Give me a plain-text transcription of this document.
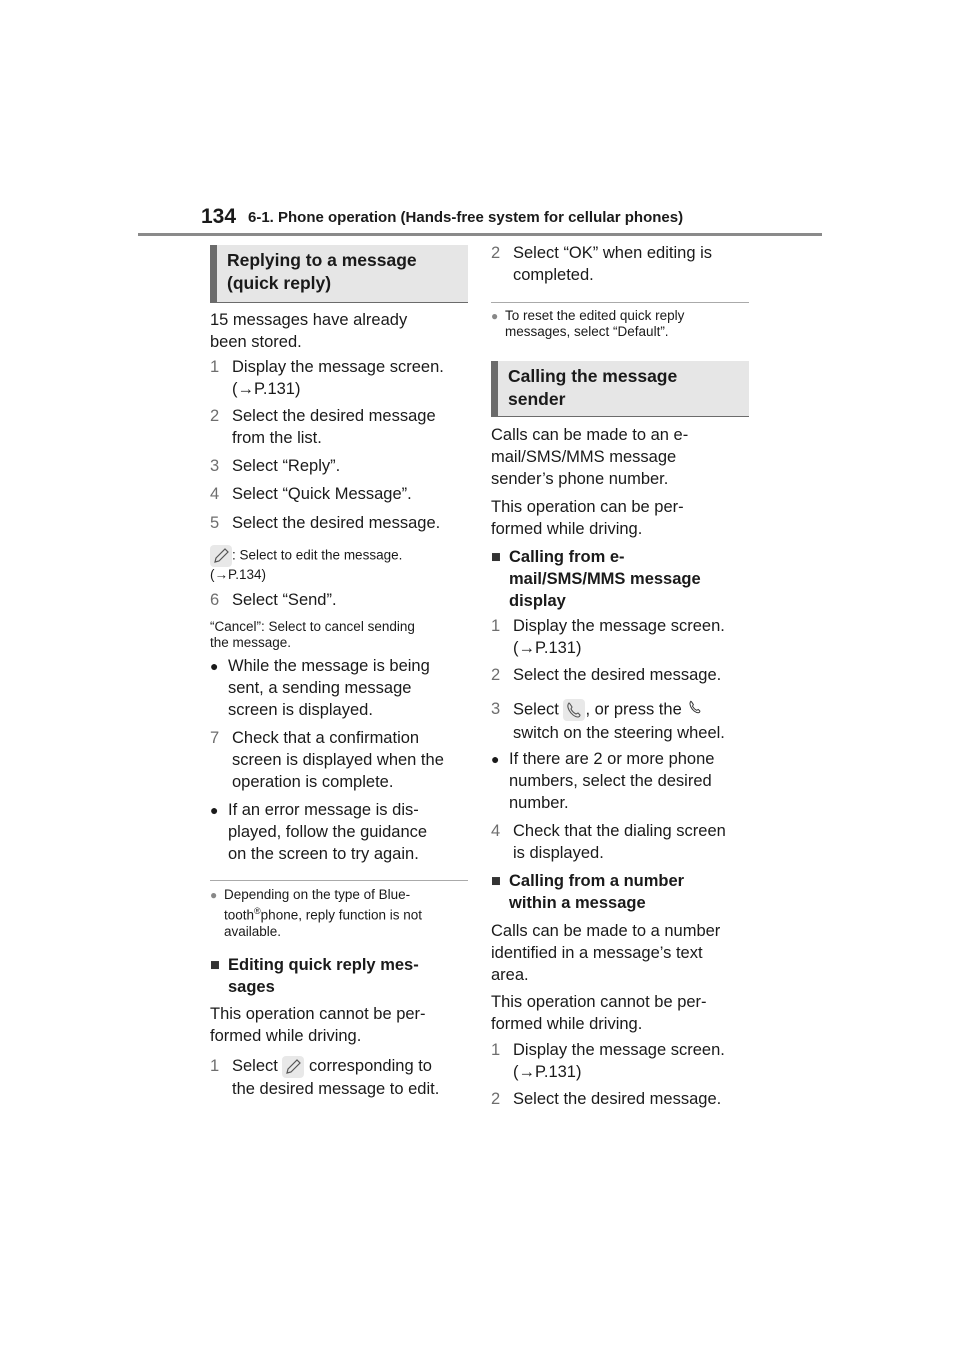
134 6-1. Phone operation (Hands-free system for cellular phones)
Replying to a message
(quick reply)
15 messages have already
been stored.
1 Display the message screen.
(→P.131)
2 Select the desired message
from the list.
3 Select “Reply”.
4 Select “Quick Message”.
5 Select the desired message.
: Select to edit the message.
(→P.134)
6 Select “Send”.
“Cancel”: Select to cancel sending
the message.
● While the message is being
sent, a sending message
screen is displayed.
7 Check that a confirmation
screen is displayed when the
operation is complete.
● If an error message is dis-
played, follow the guidance
on the screen to try again.
● Depending on the type of Blue-
tooth®phone, reply function is not
available.
■ Editing quick reply mes-
sages
This operation cannot be per-
formed while driving.
1 Select corresponding to
the desired message to edit.
2 Select “OK” when editing is
completed.
● To reset the edited quick reply
messages, select “Default”.
Calling the message
sender
Calls can be made to an e-
mail/SMS/MMS message
sender’s phone number.
This operation can be per-
formed while driving.
■ Calling from e-
mail/SMS/MMS message
display
1 Display the message screen.
(→P.131)
2 Select the desired message.
3 Select , or press the
switch on the steering wheel.
● If there are 2 or more phone
numbers, select the desired
number.
4 Check that the dialing screen
is displayed.
■ Calling from a number
within a message
Calls can be made to a number
identified in a message’s text
area.
This operation cannot be per-
formed while driving.
1 Display the message screen.
(→P.131)
2 Select the desired message.
